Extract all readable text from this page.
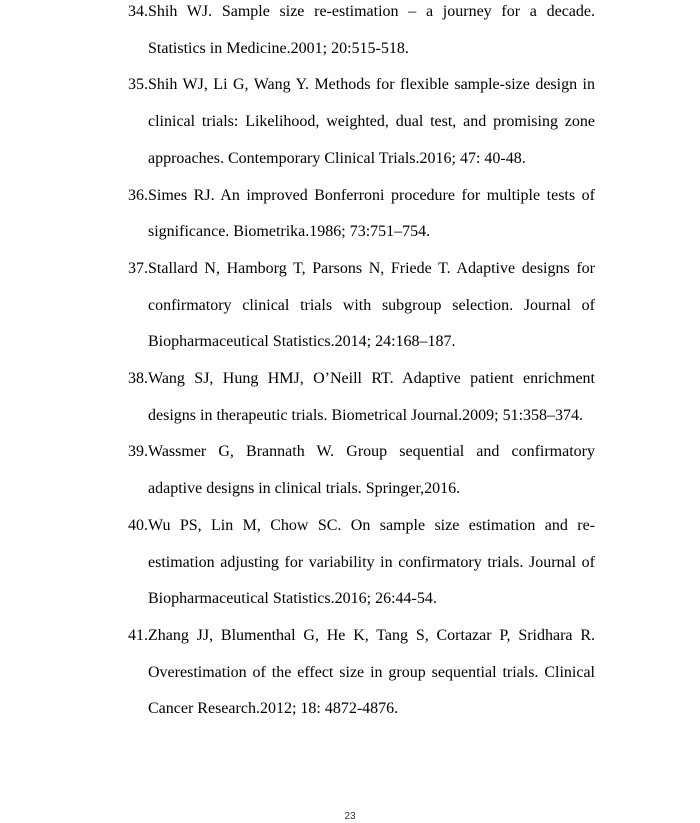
34. Shih WJ. Sample size re-estimation – a journey for a decade. Statistics in Medicine.2001; 20:515-518.
35. Shih WJ, Li G, Wang Y. Methods for flexible sample-size design in clinical trials: Likelihood, weighted, dual test, and promising zone approaches. Contemporary Clinical Trials.2016; 47: 40-48.
36. Simes RJ. An improved Bonferroni procedure for multiple tests of significance. Biometrika.1986; 73:751–754.
37. Stallard N, Hamborg T, Parsons N, Friede T. Adaptive designs for confirmatory clinical trials with subgroup selection. Journal of Biopharmaceutical Statistics.2014; 24:168–187.
38. Wang SJ, Hung HMJ, O’Neill RT. Adaptive patient enrichment designs in therapeutic trials. Biometrical Journal.2009; 51:358–374.
39. Wassmer G, Brannath W. Group sequential and confirmatory adaptive designs in clinical trials. Springer,2016.
40. Wu PS, Lin M, Chow SC. On sample size estimation and re-estimation adjusting for variability in confirmatory trials. Journal of Biopharmaceutical Statistics.2016; 26:44-54.
41. Zhang JJ, Blumenthal G, He K, Tang S, Cortazar P, Sridhara R. Overestimation of the effect size in group sequential trials. Clinical Cancer Research.2012; 18: 4872-4876.
23
